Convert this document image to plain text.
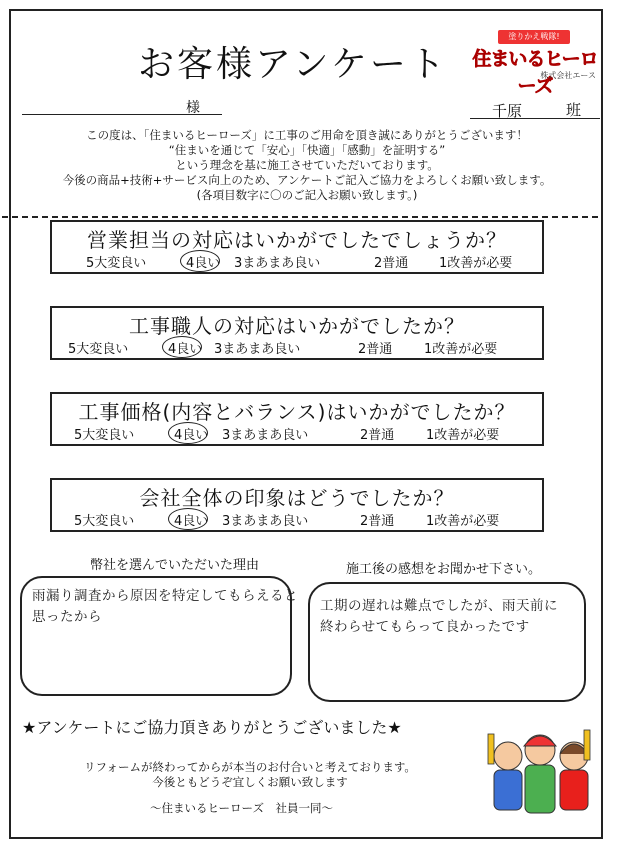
お客様アンケート
塗りかえ戦隊!
住まいるヒーローズ
株式会社エース
様	千原	班
この度は、「住まいるヒーローズ」に工事のご用命を頂き誠にありがとうございます！
“住まいを通じて「安心」「快適」「感動」を証明する”
という理念を基に施工させていただいております。
今後の商品+技術+サービス向上のため、アンケートご記入ご協力をよろしくお願い致します。
(各項目数字に〇のご記入お願い致します。)
営業担当の対応はいかがでしたでしょうか？
5大変良い	4良い 3まあまあ良い	2普通 1改善が必要
工事職人の対応はいかがでしたか？
5大変良い	4良い 3まあまあ良い	2普通 1改善が必要
工事価格(内容とバランス)はいかがでしたか？
5大変良い	4良い 3まあまあ良い	2普通 1改善が必要
会社全体の印象はどうでしたか？
5大変良い	4良い 3まあまあ良い	2普通 1改善が必要
幣社を選んでいただいた理由	施工後の感想をお聞かせ下さい。
雨漏り調査から原因を特定してもらえると
思ったから
工期の遅れは難点でしたが、雨天前に
終わらせてもらって良かったです
★アンケートにご協力頂きありがとうございました★
リフォームが終わってからが本当のお付合いと考えております。
今後ともどうぞ宜しくお願い致します
～住まいるヒーローズ　社員一同～
